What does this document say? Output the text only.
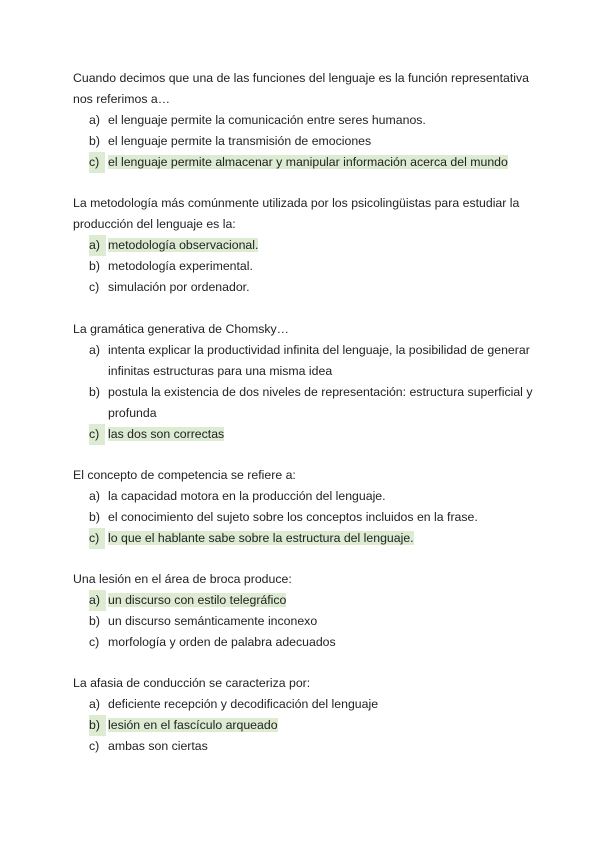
Cuando decimos que una de las funciones del lenguaje es la función representativa nos referimos a…

a) el lenguaje permite la comunicación entre seres humanos.
b) el lenguaje permite la transmisión de emociones
c) el lenguaje permite almacenar y manipular información acerca del mundo

La metodología más comúnmente utilizada por los psicolingüistas para estudiar la producción del lenguaje es la:

a) metodología observacional.
b) metodología experimental.
c) simulación por ordenador.

La gramática generativa de Chomsky…

a) intenta explicar la productividad infinita del lenguaje, la posibilidad de generar infinitas estructuras para una misma idea
b) postula la existencia de dos niveles de representación: estructura superficial y profunda
c) las dos son correctas

El concepto de competencia se refiere a:

a) la capacidad motora en la producción del lenguaje.
b) el conocimiento del sujeto sobre los conceptos incluidos en la frase.
c) lo que el hablante sabe sobre la estructura del lenguaje.

Una lesión en el área de broca produce:

a) un discurso con estilo telegráfico
b) un discurso semánticamente inconexo
c) morfología y orden de palabra adecuados

La afasia de conducción se caracteriza por:

a) deficiente recepción y decodificación del lenguaje
b) lesión en el fascículo arqueado
c) ambas son ciertas
